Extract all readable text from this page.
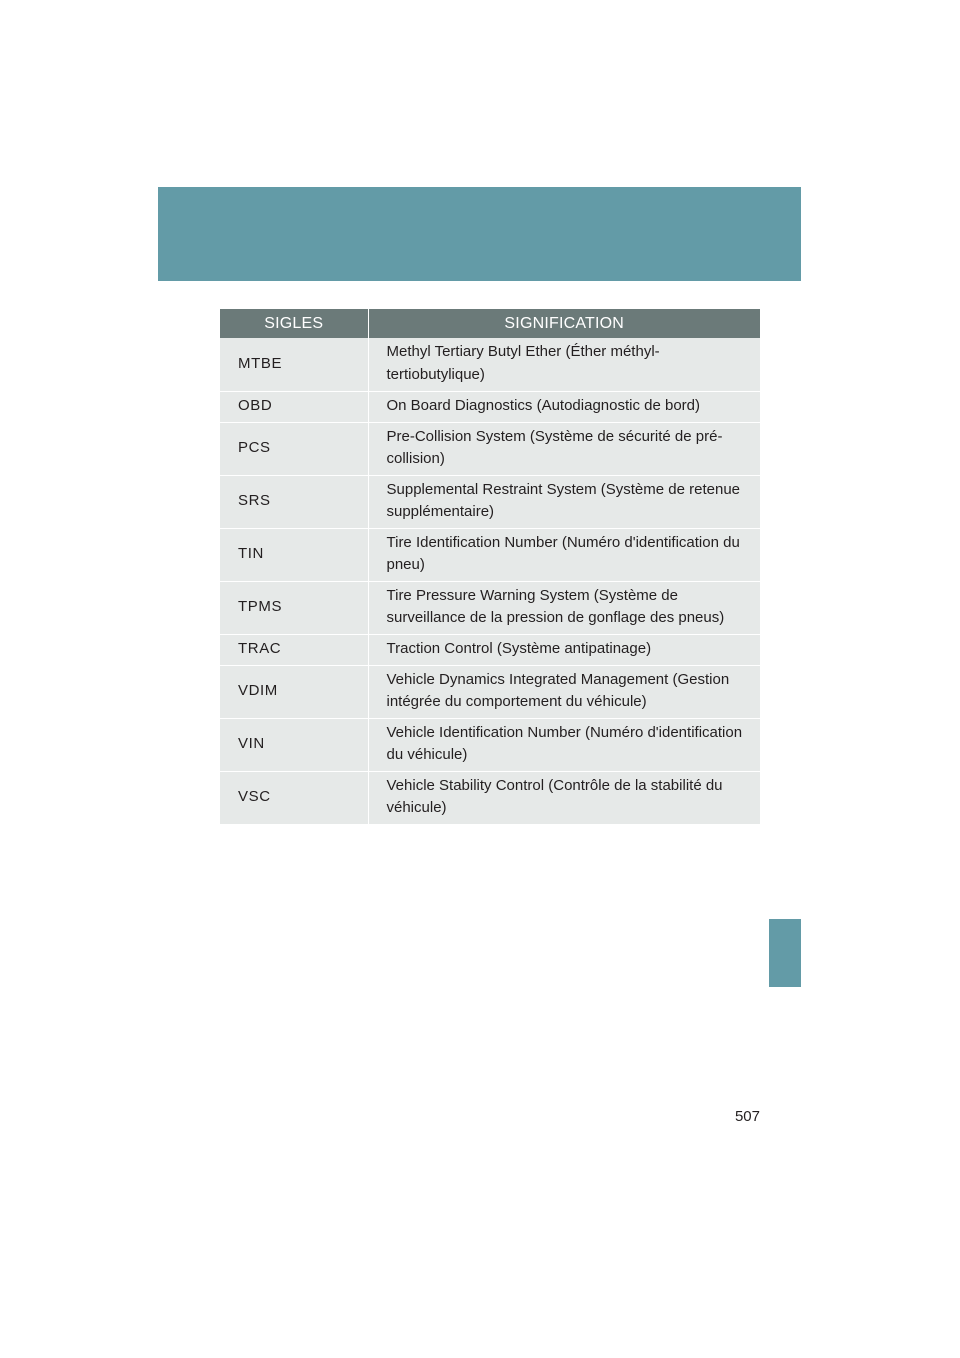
SIGLES	SIGNIFICATION
MTBE	Methyl Tertiary Butyl Ether (Éther méthyl-tertiobutylique)
OBD	On Board Diagnostics (Autodiagnostic de bord)
PCS	Pre-Collision System (Système de sécurité de pré-collision)
SRS	Supplemental Restraint System (Système de retenue supplémentaire)
TIN	Tire Identification Number (Numéro d'identification du pneu)
TPMS	Tire Pressure Warning System (Système de surveillance de la pression de gonflage des pneus)
TRAC	Traction Control (Système antipatinage)
VDIM	Vehicle Dynamics Integrated Management (Gestion intégrée du comportement du véhicule)
VIN	Vehicle Identification Number (Numéro d'identification du véhicule)
VSC	Vehicle Stability Control (Contrôle de la stabilité du véhicule)
507
